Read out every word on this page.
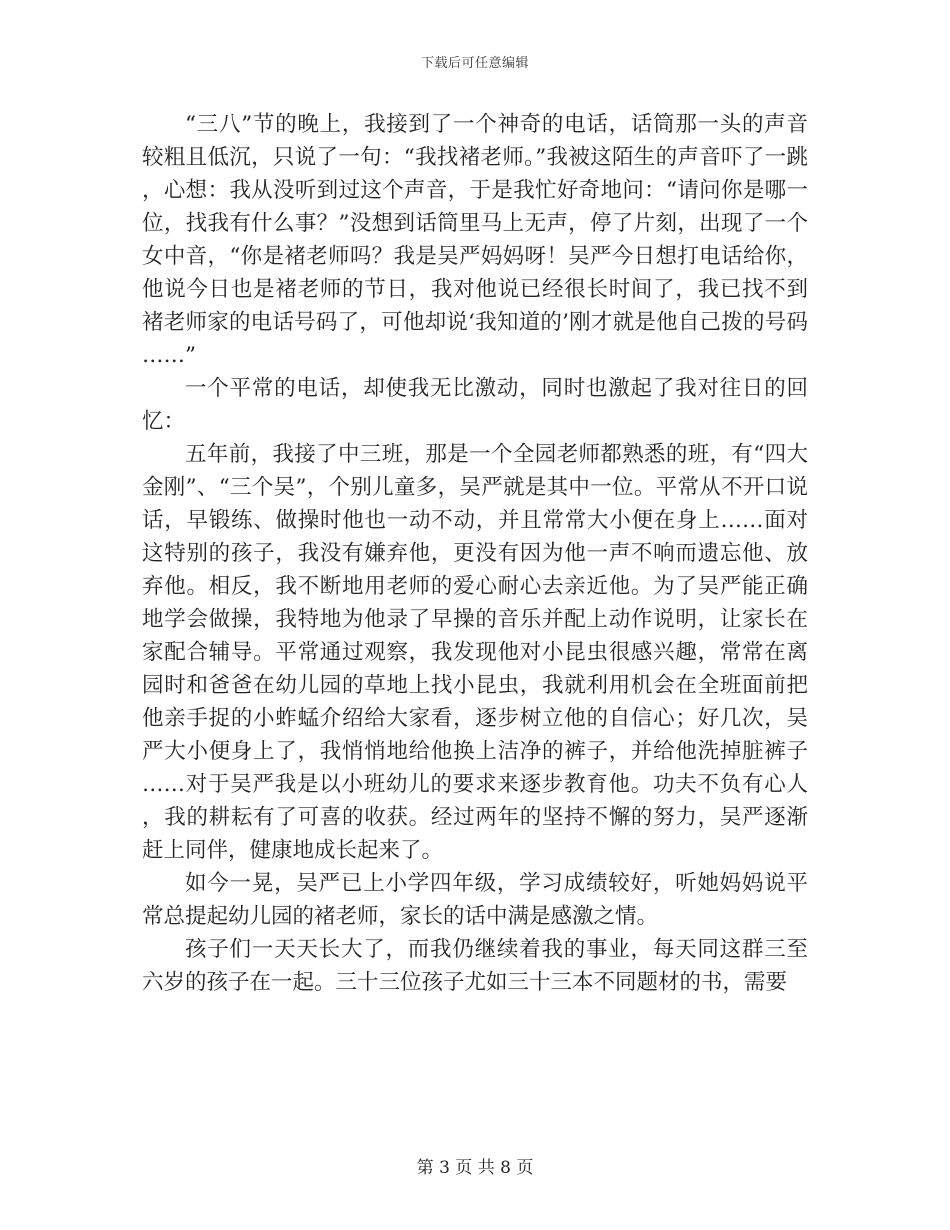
下载后可任意编辑

“三八”节的晚上，我接到了一个神奇的电话，话筒那一头的声音较粗且低沉，只说了一句：“我找褚老师。”我被这陌生的声音吓了一跳，心想：我从没听到过这个声音，于是我忙好奇地问：“请问你是哪一位，找我有什么事？”没想到话筒里马上无声，停了片刻，出现了一个女中音，“你是褚老师吗？我是吴严妈妈呀！吴严今日想打电话给你，他说今日也是褚老师的节日，我对他说已经很长时间了，我已找不到褚老师家的电话号码了，可他却说‘我知道的’刚才就是他自己拨的号码……”

一个平常的电话，却使我无比激动，同时也激起了我对往日的回忆：

五年前，我接了中三班，那是一个全园老师都熟悉的班，有“四大金刚”、“三个吴”，个别儿童多，吴严就是其中一位。平常从不开口说话，早锻练、做操时他也一动不动，并且常常大小便在身上……面对这特别的孩子，我没有嫌弃他，更没有因为他一声不响而遗忘他、放弃他。相反，我不断地用老师的爱心耐心去亲近他。为了吴严能正确地学会做操，我特地为他录了早操的音乐并配上动作说明，让家长在家配合辅导。平常通过观察，我发现他对小昆虫很感兴趣，常常在离园时和爸爸在幼儿园的草地上找小昆虫，我就利用机会在全班面前把他亲手捉的小蚱蜢介绍给大家看，逐步树立他的自信心；好几次，吴严大小便身上了，我悄悄地给他换上洁净的裤子，并给他洗掉脏裤子……对于吴严我是以小班幼儿的要求来逐步教育他。功夫不负有心人，我的耕耘有了可喜的收获。经过两年的坚持不懈的努力，吴严逐渐赶上同伴，健康地成长起来了。

如今一晃，吴严已上小学四年级，学习成绩较好，听她妈妈说平常总提起幼儿园的褚老师，家长的话中满是感激之情。

孩子们一天天长大了，而我仍继续着我的事业，每天同这群三至六岁的孩子在一起。三十三位孩子尤如三十三本不同题材的书，需要

第 3 页 共 8 页
